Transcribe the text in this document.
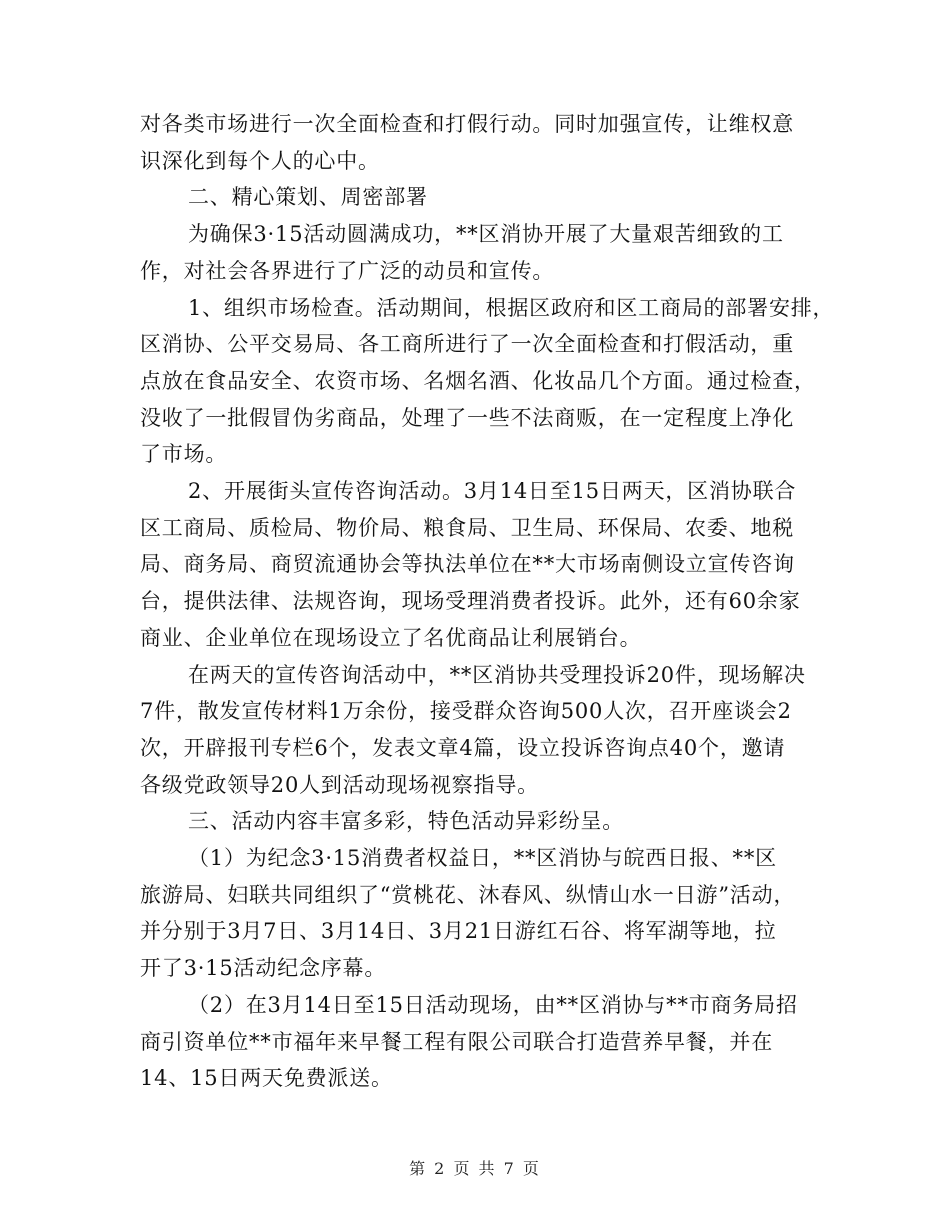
对各类市场进行一次全面检查和打假行动。同时加强宣传，让维权意
识深化到每个人的心中。
二、精心策划、周密部署
为确保3·15活动圆满成功，**区消协开展了大量艰苦细致的工
作，对社会各界进行了广泛的动员和宣传。
1、组织市场检查。活动期间，根据区政府和区工商局的部署安排，
区消协、公平交易局、各工商所进行了一次全面检查和打假活动，重
点放在食品安全、农资市场、名烟名酒、化妆品几个方面。通过检查，
没收了一批假冒伪劣商品，处理了一些不法商贩，在一定程度上净化
了市场。
2、开展街头宣传咨询活动。3月14日至15日两天，区消协联合
区工商局、质检局、物价局、粮食局、卫生局、环保局、农委、地税
局、商务局、商贸流通协会等执法单位在**大市场南侧设立宣传咨询
台，提供法律、法规咨询，现场受理消费者投诉。此外，还有60余家
商业、企业单位在现场设立了名优商品让利展销台。
在两天的宣传咨询活动中，**区消协共受理投诉20件，现场解决
7件，散发宣传材料1万余份，接受群众咨询500人次，召开座谈会2
次，开辟报刊专栏6个，发表文章4篇，设立投诉咨询点40个，邀请
各级党政领导20人到活动现场视察指导。
三、活动内容丰富多彩，特色活动异彩纷呈。
（1）为纪念3·15消费者权益日，**区消协与皖西日报、**区
旅游局、妇联共同组织了“赏桃花、沐春风、纵情山水一日游”活动，
并分别于3月7日、3月14日、3月21日游红石谷、将军湖等地，拉
开了3·15活动纪念序幕。
（2）在3月14日至15日活动现场，由**区消协与**市商务局招
商引资单位**市福年来早餐工程有限公司联合打造营养早餐，并在
14、15日两天免费派送。
第 2 页 共 7 页
